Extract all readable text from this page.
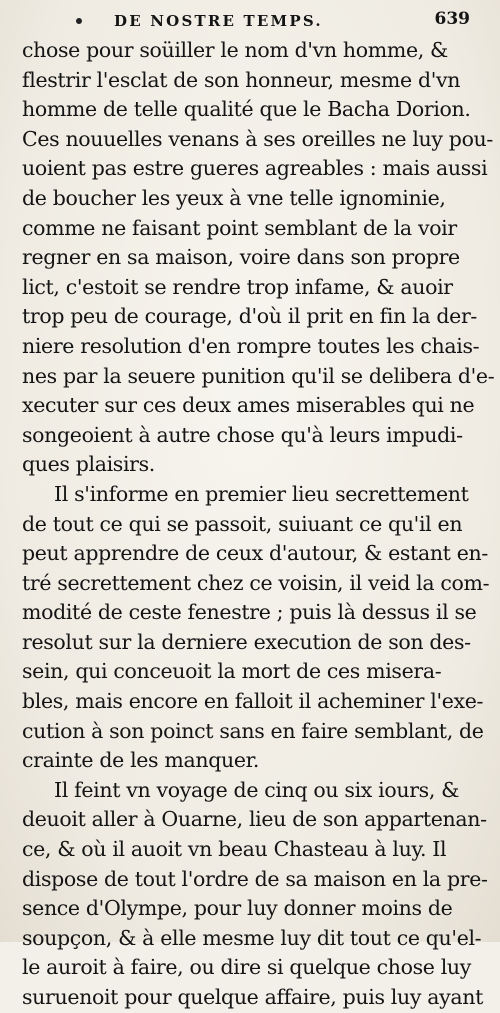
DE NOSTRE TEMPS.	639
chose pour soüiller le nom d'vn homme, &
flestrir l'esclat de son honneur, mesme d'vn
homme de telle qualité que le Bacha Dorion.
Ces nouuelles venans à ses oreilles ne luy pou-
uoient pas estre gueres agreables : mais aussi
de boucher les yeux à vne telle ignominie,
comme ne faisant point semblant de la voir
regner en sa maison, voire dans son propre
lict, c'estoit se rendre trop infame, & auoir
trop peu de courage, d'où il prit en fin la der-
niere resolution d'en rompre toutes les chais-
nes par la seuere punition qu'il se delibera d'e-
xecuter sur ces deux ames miserables qui ne
songeoient à autre chose qu'à leurs impudi-
ques plaisirs.
Il s'informe en premier lieu secrettement
de tout ce qui se passoit, suiuant ce qu'il en
peut apprendre de ceux d'autour, & estant en-
tré secrettement chez ce voisin, il veid la com-
modité de ceste fenestre ; puis là dessus il se
resolut sur la derniere execution de son des-
sein, qui conceuoit la mort de ces misera-
bles, mais encore en falloit il acheminer l'exe-
cution à son poinct sans en faire semblant, de
crainte de les manquer.
Il feint vn voyage de cinq ou six iours, &
deuoit aller à Ouarne, lieu de son appartenan-
ce, & où il auoit vn beau Chasteau à luy. Il
dispose de tout l'ordre de sa maison en la pre-
sence d'Olympe, pour luy donner moins de
soupçon, & à elle mesme luy dit tout ce qu'el-
le auroit à faire, ou dire si quelque chose luy
suruenoit pour quelque affaire, puis luy ayant
